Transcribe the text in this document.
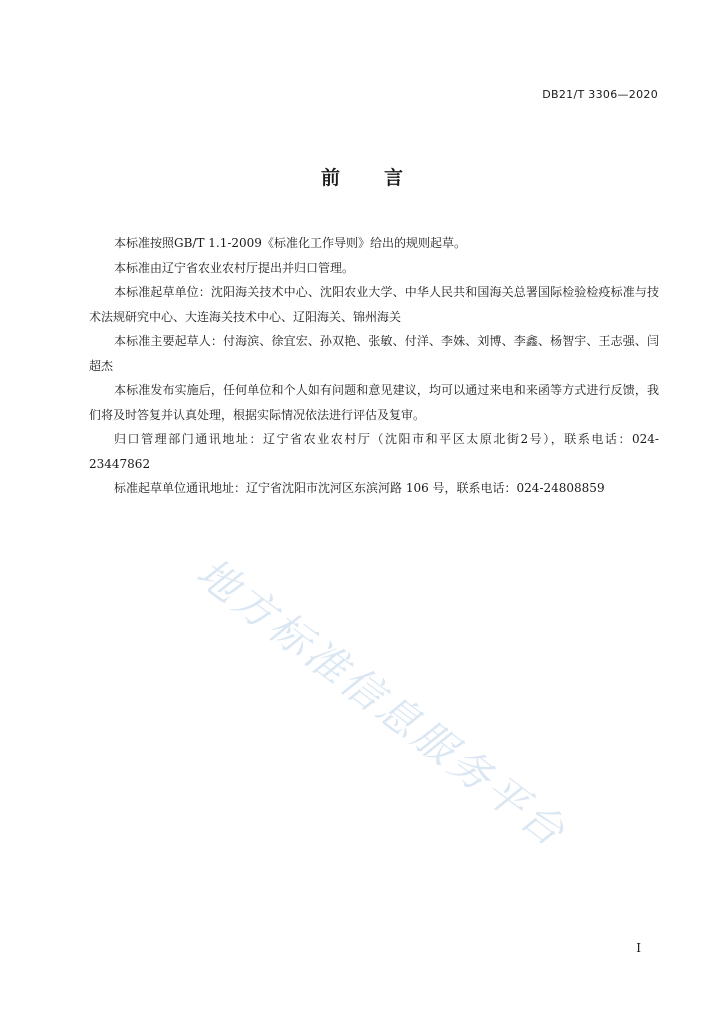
DB21/T 3306—2020
前言

本标准按照GB/T 1.1-2009《标准化工作导则》给出的规则起草。

本标准由辽宁省农业农村厅提出并归口管理。

本标准起草单位：沈阳海关技术中心、沈阳农业大学、中华人民共和国海关总署国际检验检疫标准与技术法规研究中心、大连海关技术中心、辽阳海关、锦州海关

本标准主要起草人：付海滨、徐宜宏、孙双艳、张敏、付洋、李姝、刘博、李鑫、杨智宇、王志强、闫超杰

本标准发布实施后，任何单位和个人如有问题和意见建议，均可以通过来电和来函等方式进行反馈，我们将及时答复并认真处理，根据实际情况依法进行评估及复审。

归口管理部门通讯地址：辽宁省农业农村厅（沈阳市和平区太原北街2号），联系电话：024-23447862

标准起草单位通讯地址：辽宁省沈阳市沈河区东滨河路 106 号，联系电话：024-24808859

地方标准信息服务平台
I
